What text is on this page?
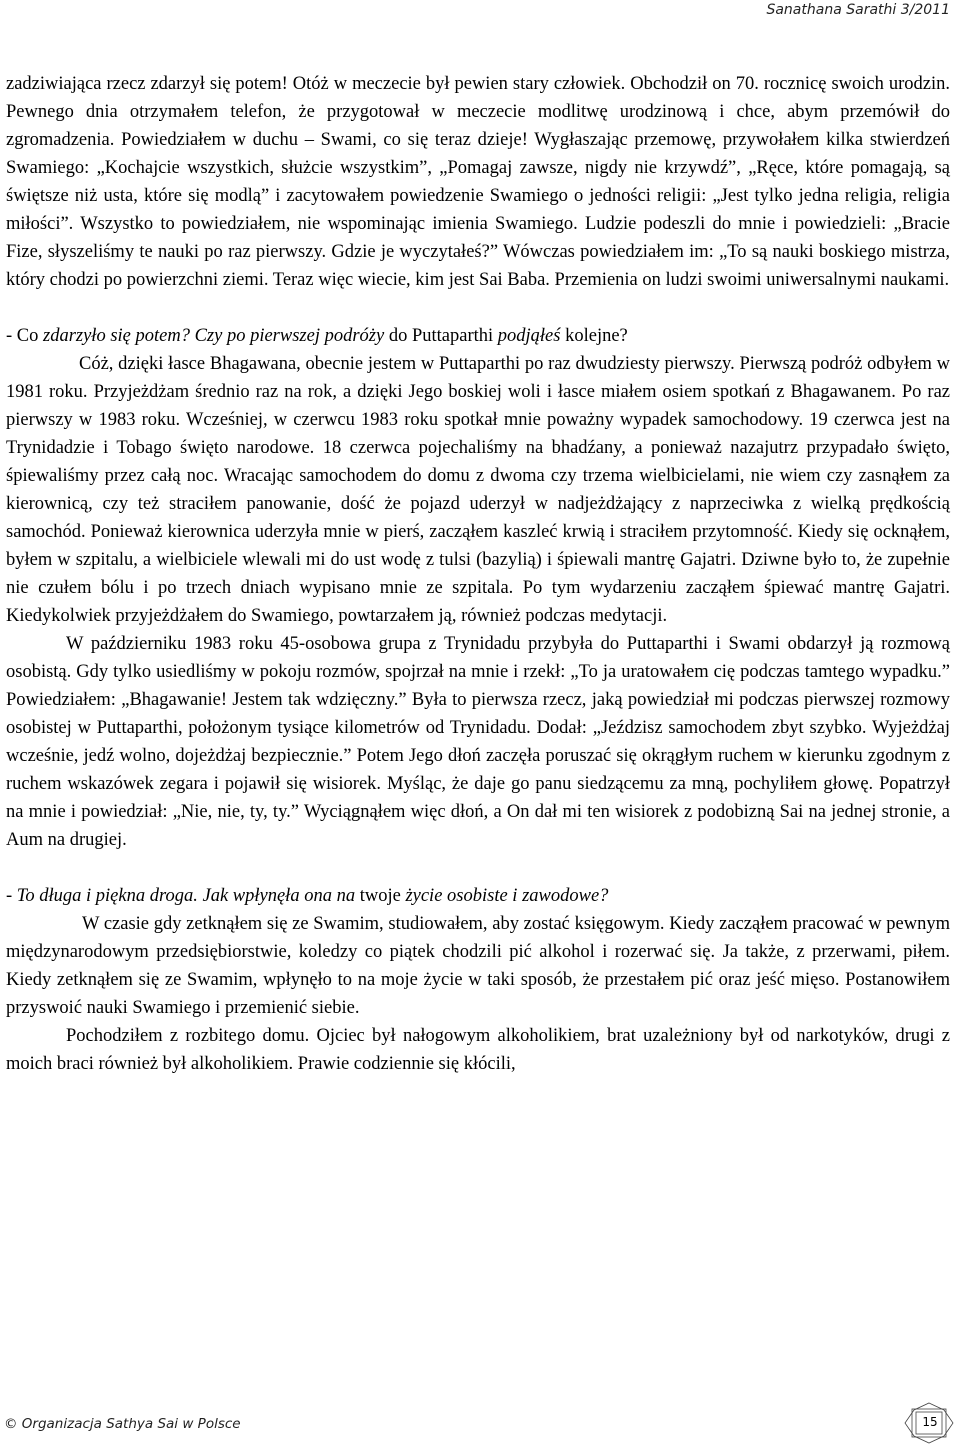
Sanathana Sarathi 3/2011

zadziwiająca rzecz zdarzył się potem! Otóż w meczecie był pewien stary człowiek. Obchodził on 70. rocznicę swoich urodzin. Pewnego dnia otrzymałem telefon, że przygotował w meczecie modlitwę urodzinową i chce, abym przemówił do zgromadzenia. Powiedziałem w duchu – Swami, co się teraz dzieje! Wygłaszając przemowę, przywołałem kilka stwierdzeń Swamiego: „Kochajcie wszystkich, służcie wszystkim”, „Pomagaj zawsze, nigdy nie krzywdź”, „Ręce, które pomagają, są świętsze niż usta, które się modlą” i zacytowałem powiedzenie Swamiego o jedności religii: „Jest tylko jedna religia, religia miłości”. Wszystko to powiedziałem, nie wspominając imienia Swamiego. Ludzie podeszli do mnie i powiedzieli: „Bracie Fize, słyszeliśmy te nauki po raz pierwszy. Gdzie je wyczytałeś?” Wówczas powiedziałem im: „To są nauki boskiego mistrza, który chodzi po powierzchni ziemi. Teraz więc wiecie, kim jest Sai Baba. Przemienia on ludzi swoimi uniwersalnymi naukami.

- Co zdarzyło się potem? Czy po pierwszej podróży do Puttaparthi podjąłeś kolejne?

Cóż, dzięki łasce Bhagawana, obecnie jestem w Puttaparthi po raz dwudziesty pierwszy. Pierwszą podróż odbyłem w 1981 roku. Przyjeżdżam średnio raz na rok, a dzięki Jego boskiej woli i łasce miałem osiem spotkań z Bhagawanem. Po raz pierwszy w 1983 roku. Wcześniej, w czerwcu 1983 roku spotkał mnie poważny wypadek samochodowy. 19 czerwca jest na Trynidadzie i Tobago święto narodowe. 18 czerwca pojechaliśmy na bhadźany, a ponieważ nazajutrz przypadało święto, śpiewaliśmy przez całą noc. Wracając samochodem do domu z dwoma czy trzema wielbicielami, nie wiem czy zasnąłem za kierownicą, czy też straciłem panowanie, dość że pojazd uderzył w nadjeżdżający z naprzeciwka z wielką prędkością samochód. Ponieważ kierownica uderzyła mnie w pierś, zacząłem kaszleć krwią i straciłem przytomność. Kiedy się ocknąłem, byłem w szpitalu, a wielbiciele wlewali mi do ust wodę z tulsi (bazylią) i śpiewali mantrę Gajatri. Dziwne było to, że zupełnie nie czułem bólu i po trzech dniach wypisano mnie ze szpitala. Po tym wydarzeniu zacząłem śpiewać mantrę Gajatri. Kiedykolwiek przyjeżdżałem do Swamiego, powtarzałem ją, również podczas medytacji.

W październiku 1983 roku 45-osobowa grupa z Trynidadu przybyła do Puttaparthi i Swami obdarzył ją rozmową osobistą. Gdy tylko usiedliśmy w pokoju rozmów, spojrzał na mnie i rzekł: „To ja uratowałem cię podczas tamtego wypadku.” Powiedziałem: „Bhagawanie! Jestem tak wdzięczny.” Była to pierwsza rzecz, jaką powiedział mi podczas pierwszej rozmowy osobistej w Puttaparthi, położonym tysiące kilometrów od Trynidadu. Dodał: „Jeździsz samochodem zbyt szybko. Wyjeżdżaj wcześnie, jedź wolno, dojeżdżaj bezpiecznie.” Potem Jego dłoń zaczęła poruszać się okrągłym ruchem w kierunku zgodnym z ruchem wskazówek zegara i pojawił się wisiorek. Myśląc, że daje go panu siedzącemu za mną, pochyliłem głowę. Popatrzył na mnie i powiedział: „Nie, nie, ty, ty.” Wyciągnąłem więc dłoń, a On dał mi ten wisiorek z podobizną Sai na jednej stronie, a Aum na drugiej.

- To długa i piękna droga. Jak wpłynęła ona na twoje życie osobiste i zawodowe?

W czasie gdy zetknąłem się ze Swamim, studiowałem, aby zostać księgowym. Kiedy zacząłem pracować w pewnym międzynarodowym przedsiębiorstwie, koledzy co piątek chodzili pić alkohol i rozerwać się. Ja także, z przerwami, piłem. Kiedy zetknąłem się ze Swamim, wpłynęło to na moje życie w taki sposób, że przestałem pić oraz jeść mięso. Postanowiłem przyswoić nauki Swamiego i przemienić siebie.

Pochodziłem z rozbitego domu. Ojciec był nałogowym alkoholikiem, brat uzależniony był od narkotyków, drugi z moich braci również był alkoholikiem. Prawie codziennie się kłócili,

© Organizacja Sathya Sai w Polsce	15
